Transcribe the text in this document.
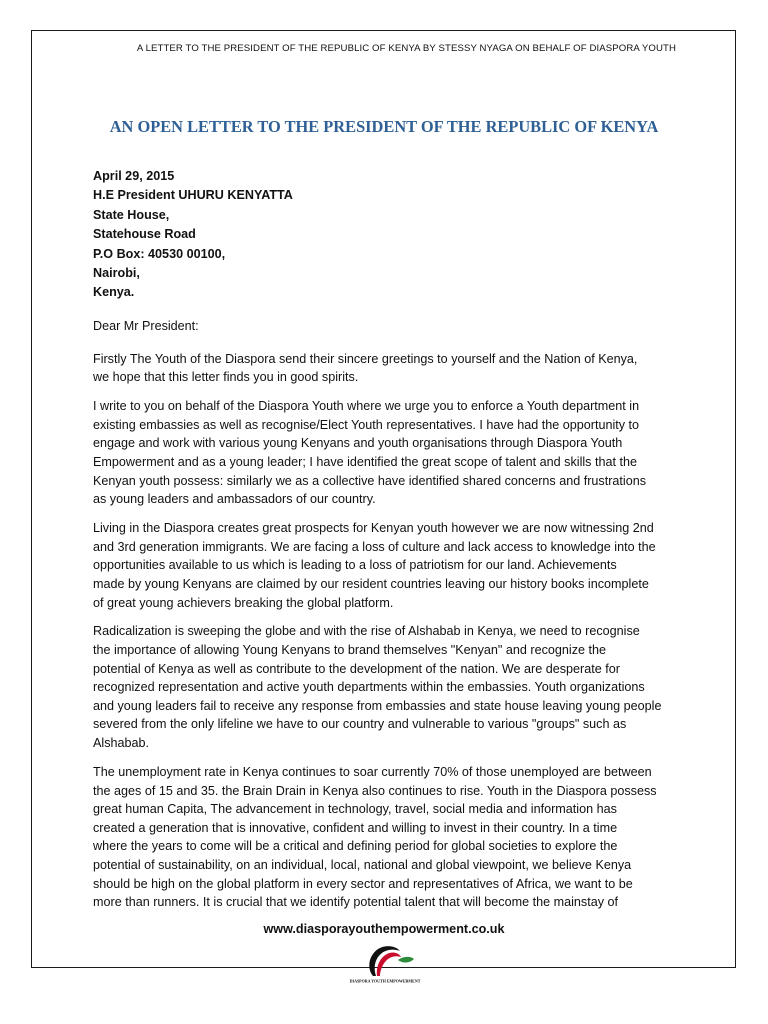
A LETTER TO THE PRESIDENT OF THE REPUBLIC OF KENYA BY STESSY NYAGA ON BEHALF OF DIASPORA YOUTH
AN OPEN LETTER TO THE PRESIDENT OF THE REPUBLIC OF KENYA
April 29, 2015
H.E President UHURU KENYATTA
State House,
Statehouse Road
P.O Box: 40530 00100,
Nairobi,
Kenya.
Dear Mr President:
Firstly The Youth of the Diaspora send their sincere greetings to yourself and the Nation of Kenya,
we hope that this letter finds you in good spirits.
I write to you on behalf of the Diaspora Youth where we urge you to enforce a Youth department in
existing embassies as well as recognise/Elect Youth representatives. I have had the opportunity to
engage and work with various young Kenyans and youth organisations through Diaspora Youth
Empowerment and as a young leader; I have identified the great scope of talent and skills that the
Kenyan youth possess: similarly we as a collective have identified shared concerns and frustrations
as young leaders and ambassadors of our country.
Living in the Diaspora creates great prospects for Kenyan youth however we are now witnessing 2nd
and 3rd generation immigrants. We are facing a loss of culture and lack access to knowledge into the
opportunities available to us which is leading to a loss of patriotism for our land. Achievements
made by young Kenyans are claimed by our resident countries leaving our history books incomplete
of great young achievers breaking the global platform.
Radicalization is sweeping the globe and with the rise of Alshabab in Kenya, we need to recognise
the importance of allowing Young Kenyans to brand themselves "Kenyan" and recognize the
potential of Kenya as well as contribute to the development of the nation. We are desperate for
recognized representation and active youth departments within the embassies. Youth organizations
and young leaders fail to receive any response from embassies and state house leaving young people
severed from the only lifeline we have to our country and vulnerable to various "groups" such as
Alshabab.
The unemployment rate in Kenya continues to soar currently 70% of those unemployed are between
the ages of 15 and 35. the Brain Drain in Kenya also continues to rise. Youth in the Diaspora possess
great human Capita, The advancement in technology, travel, social media and information has
created a generation that is innovative, confident and willing to invest in their country. In a time
where the years to come will be a critical and defining period for global societies to explore the
potential of sustainability, on an individual, local, national and global viewpoint, we believe Kenya
should be high on the global platform in every sector and representatives of Africa, we want to be
more than runners. It is crucial that we identify potential talent that will become the mainstay of
www.diasporayouthempowerment.co.uk
DIASPORA YOUTH EMPOWERMENT
